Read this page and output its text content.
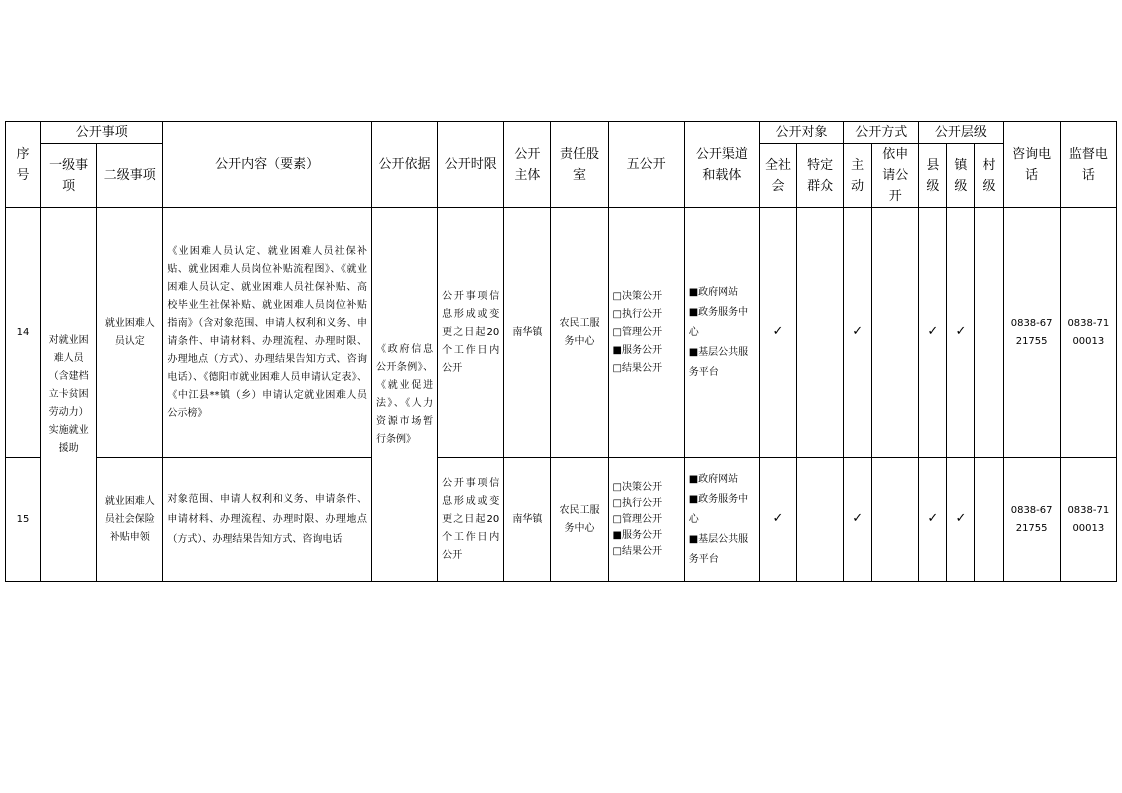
序号	公开事项		公开内容（要素）	公开依据	公开时限	公开主体	责任股室	五公开	公开渠道和载体	公开对象		公开方式		公开层级			咨询电话	监督电话

	一级事项	二级事项								全社会	特定群众	主动	依申请公开	县级	镇级	村级		

14	对就业困难人员（含建档立卡贫困劳动力）实施就业援助	就业困难人员认定	《业困难人员认定、就业困难人员社保补贴、就业困难人员岗位补贴流程图》、《就业困难人员认定、就业困难人员社保补贴、高校毕业生社保补贴、就业困难人员岗位补贴指南》（含对象范围、申请人权利和义务、申请条件、申请材料、办理流程、办理时限、办理地点（方式）、办理结果告知方式、咨询电话）、《德阳市就业困难人员申请认定表》、《中江县**镇（乡）申请认定就业困难人员公示榜》	《政府信息公开条例》、《就业促进法》、《人力资源市场暂行条例》	公开事项信息形成或变更之日起20个工作日内公开	南华镇	农民工服务中心	□决策公开
□执行公开
□管理公开
■服务公开
□结果公开	■政府网站
■政务服务中心
■基层公共服务平台	✓		✓		✓	✓		0838-6721755	0838-7100013

15		就业困难人员社会保险补贴申领	对象范围、申请人权利和义务、申请条件、申请材料、办理流程、办理时限、办理地点（方式）、办理结果告知方式、咨询电话		公开事项信息形成或变更之日起20个工作日内公开	南华镇	农民工服务中心	□决策公开
□执行公开
□管理公开
■服务公开
□结果公开	■政府网站
■政务服务中心
■基层公共服务平台	✓		✓		✓	✓		0838-6721755	0838-7100013
